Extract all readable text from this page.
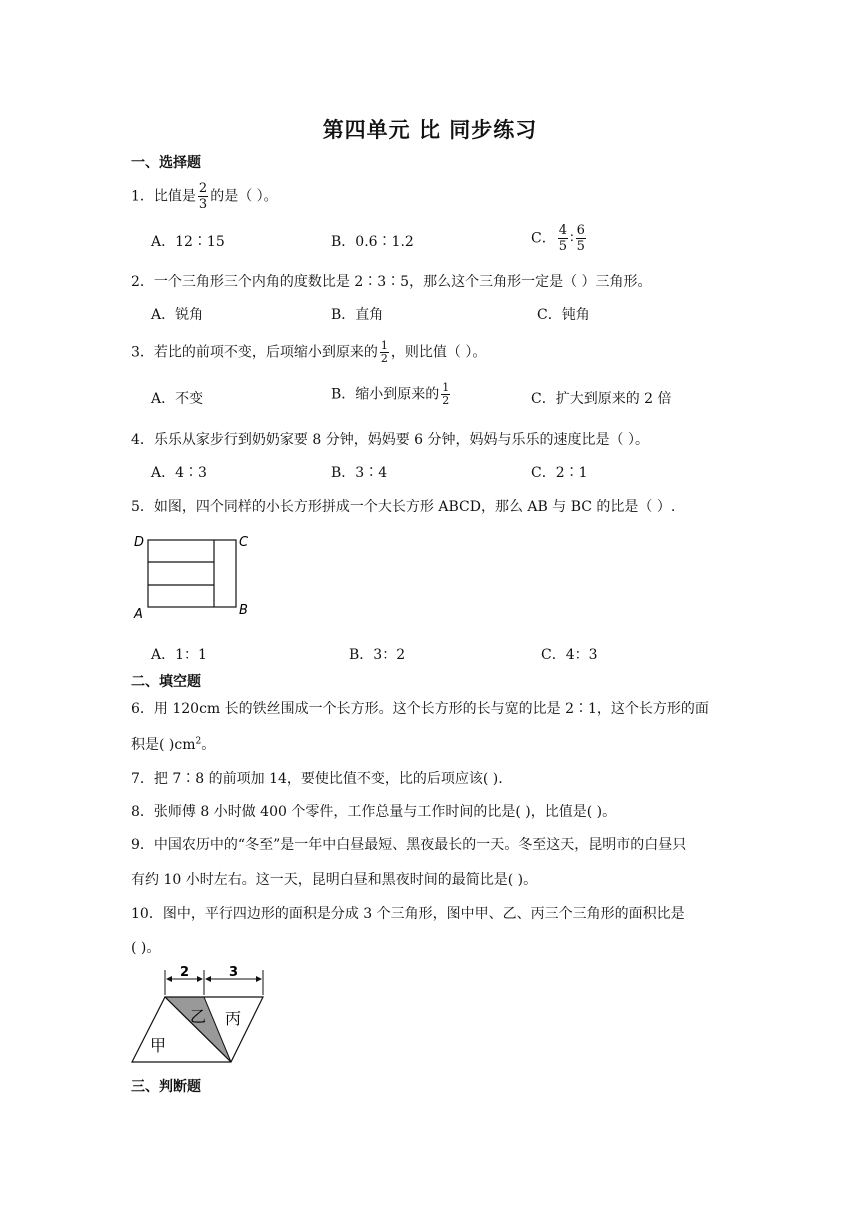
第四单元 比 同步练习
一、选择题
1．比值是 $\frac{2}{3}$ 的是（ ）。
A．12∶15	B．0.6∶1.2	C． $\frac{4}{5}$ ∶ $\frac{6}{5}$
2．一个三角形三个内角的度数比是 2∶3∶5，那么这个三角形一定是（ ）三角形。
A．锐角	B．直角	C．钝角
3．若比的前项不变，后项缩小到原来的 $\frac{1}{2}$ ，则比值（ ）。
A．不变	B．缩小到原来的 $\frac{1}{2}$	C．扩大到原来的 2 倍
4．乐乐从家步行到奶奶家要 8 分钟，妈妈要 6 分钟，妈妈与乐乐的速度比是（ ）。
A．4∶3	B．3∶4	C．2∶1
5．如图，四个同样的小长方形拼成一个大长方形 ABCD，那么 AB 与 BC 的比是（ ）.
D	C
A	B
A．1：1	B．3：2	C．4：3
二、填空题
6．用 120cm 长的铁丝围成一个长方形。这个长方形的长与宽的比是 2∶1，这个长方形的面
积是( )$cm^2$。
7．把 7∶8 的前项加 14，要使比值不变，比的后项应该( ).
8．张师傅 8 小时做 400 个零件，工作总量与工作时间的比是( )，比值是( )。
9．中国农历中的“冬至”是一年中白昼最短、黑夜最长的一天。冬至这天，昆明市的白昼只
有约 10 小时左右。这一天，昆明白昼和黑夜时间的最简比是( )。
10．图中，平行四边形的面积是分成 3 个三角形，图中甲、乙、丙三个三角形的面积比是
( )。
2	3
乙 丙
甲
三、判断题
